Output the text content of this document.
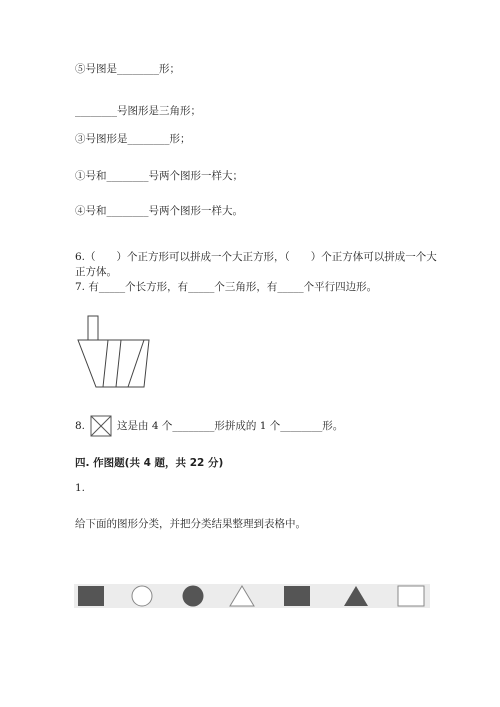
⑤号图是________形；
________号图形是三角形；
③号图形是________形；
①号和________号两个图形一样大；
④号和________号两个图形一样大。
6.（　　）个正方形可以拼成一个大正方形，（　　）个正方体可以拼成一个大
正方体。
7. 有_____个长方形，有_____个三角形，有_____个平行四边形。
8.	这是由 4 个________形拼成的 1 个________形。
四. 作图题(共 4 题，共 22 分)
1.
给下面的图形分类，并把分类结果整理到表格中。
